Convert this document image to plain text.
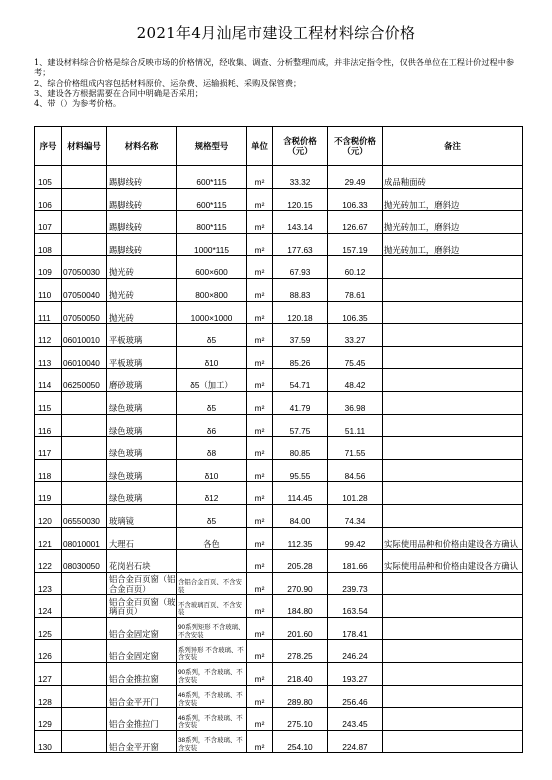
2021年4月汕尾市建设工程材料综合价格
1、建设材料综合价格是综合反映市场的价格情况，经收集、调查、分析整理而成，并非法定指令性，仅供各单位在工程计价过程中参考；
2、综合价格组成内容包括材料原价、运杂费、运输损耗、采购及保管费；
3、建设各方根据需要在合同中明确是否采用；
4、带（）为参考价格。
序号	材料编号	材料名称	规格型号	单位	含税价格（元）	不含税价格（元）	备注
105		踢脚线砖	600*115	m²	33.32	29.49	成品釉面砖
106		踢脚线砖	600*115	m²	120.15	106.33	抛光砖加工，磨斜边
107		踢脚线砖	800*115	m²	143.14	126.67	抛光砖加工，磨斜边
108		踢脚线砖	1000*115	m²	177.63	157.19	抛光砖加工，磨斜边
109	07050030	抛光砖	600×600	m²	67.93	60.12	
110	07050040	抛光砖	800×800	m²	88.83	78.61	
111	07050050	抛光砖	1000×1000	m²	120.18	106.35	
112	06010010	平板玻璃	δ5	m²	37.59	33.27	
113	06010040	平板玻璃	δ10	m²	85.26	75.45	
114	06250050	磨砂玻璃	δ5（加工）	m²	54.71	48.42	
115		绿色玻璃	δ5	m²	41.79	36.98	
116		绿色玻璃	δ6	m²	57.75	51.11	
117		绿色玻璃	δ8	m²	80.85	71.55	
118		绿色玻璃	δ10	m²	95.55	84.56	
119		绿色玻璃	δ12	m²	114.45	101.28	
120	06550030	玻璃镜	δ5	m²	84.00	74.34	
121	08010001	大理石	各色	m²	112.35	99.42	实际使用品种和价格由建设各方确认
122	08030050	花岗岩石块		m²	205.28	181.66	实际使用品种和价格由建设各方确认
123		铝合金百页窗（铝合金百页）	含铝合金百页、不含安装	m²	270.90	239.73	
124		铝合金百页窗（玻璃百页）	不含玻璃百页、不含安装	m²	184.80	163.54	
125		铝合金固定窗	90系列矩形 不含玻璃、不含安装	m²	201.60	178.41	
126		铝合金固定窗	系列异形 不含玻璃、不含安装	m²	278.25	246.24	
127		铝合金推拉窗	90系列，不含玻璃、不含安装	m²	218.40	193.27	
128		铝合金平开门	46系列，不含玻璃、不含安装	m²	289.80	256.46	
129		铝合金推拉门	46系列，不含玻璃、不含安装	m²	275.10	243.45	
130		铝合金平开窗	38系列，不含玻璃、不含安装	m²	254.10	224.87	
